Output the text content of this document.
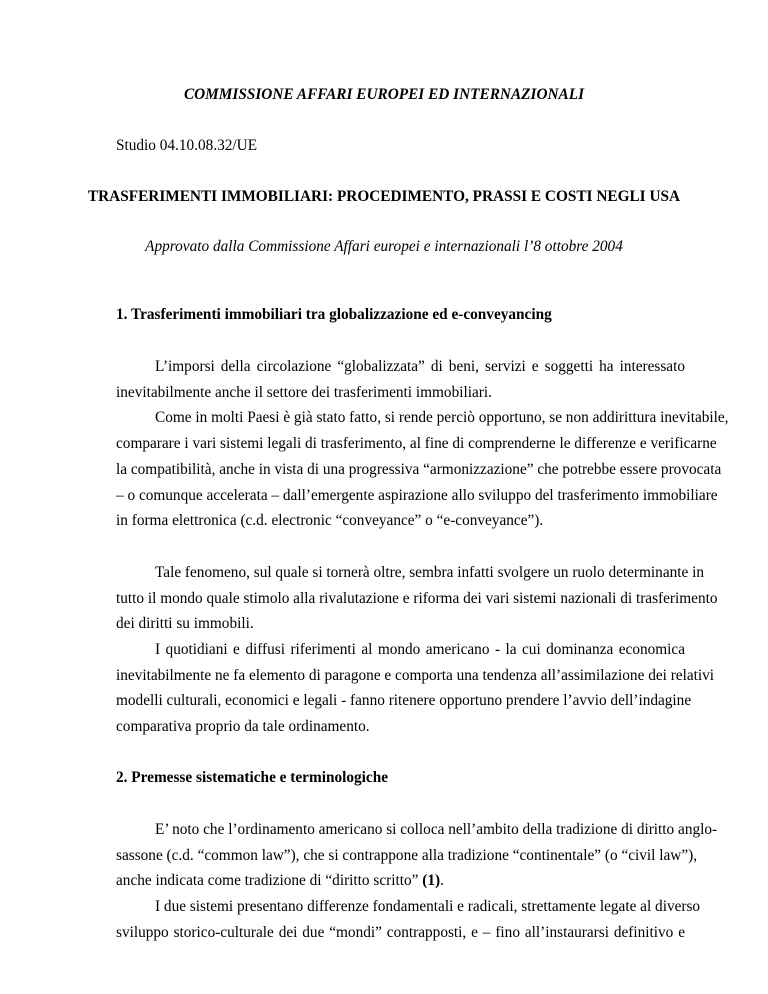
COMMISSIONE AFFARI EUROPEI ED INTERNAZIONALI
Studio 04.10.08.32/UE
TRASFERIMENTI IMMOBILIARI: PROCEDIMENTO, PRASSI E COSTI NEGLI USA
Approvato dalla Commissione Affari europei e internazionali l’8 ottobre 2004
1. Trasferimenti immobiliari tra globalizzazione ed e-conveyancing
L’imporsi della circolazione “globalizzata” di beni, servizi e soggetti ha interessato
inevitabilmente anche il settore dei trasferimenti immobiliari.
Come in molti Paesi è già stato fatto, si rende perciò opportuno, se non addirittura inevitabile,
comparare i vari sistemi legali di trasferimento, al fine di comprenderne le differenze e verificarne
la compatibilità, anche in vista di una progressiva “armonizzazione” che potrebbe essere provocata
– o comunque accelerata – dall’emergente aspirazione allo sviluppo del trasferimento immobiliare
in forma elettronica (c.d. electronic “conveyance” o “e-conveyance”).
Tale fenomeno, sul quale si tornerà oltre, sembra infatti svolgere un ruolo determinante in
tutto il mondo quale stimolo alla rivalutazione e riforma dei vari sistemi nazionali di trasferimento
dei diritti su immobili.
I quotidiani e diffusi riferimenti al mondo americano - la cui dominanza economica
inevitabilmente ne fa elemento di paragone e comporta una tendenza all’assimilazione dei relativi
modelli culturali, economici e legali - fanno ritenere opportuno prendere l’avvio dell’indagine
comparativa proprio da tale ordinamento.
2. Premesse sistematiche e terminologiche
E’ noto che l’ordinamento americano si colloca nell’ambito della tradizione di diritto anglo-
sassone (c.d. “common law”), che si contrappone alla tradizione “continentale” (o “civil law”),
anche indicata come tradizione di “diritto scritto” (1).
I due sistemi presentano differenze fondamentali e radicali, strettamente legate al diverso
sviluppo storico-culturale dei due “mondi” contrapposti, e – fino all’instaurarsi definitivo e
